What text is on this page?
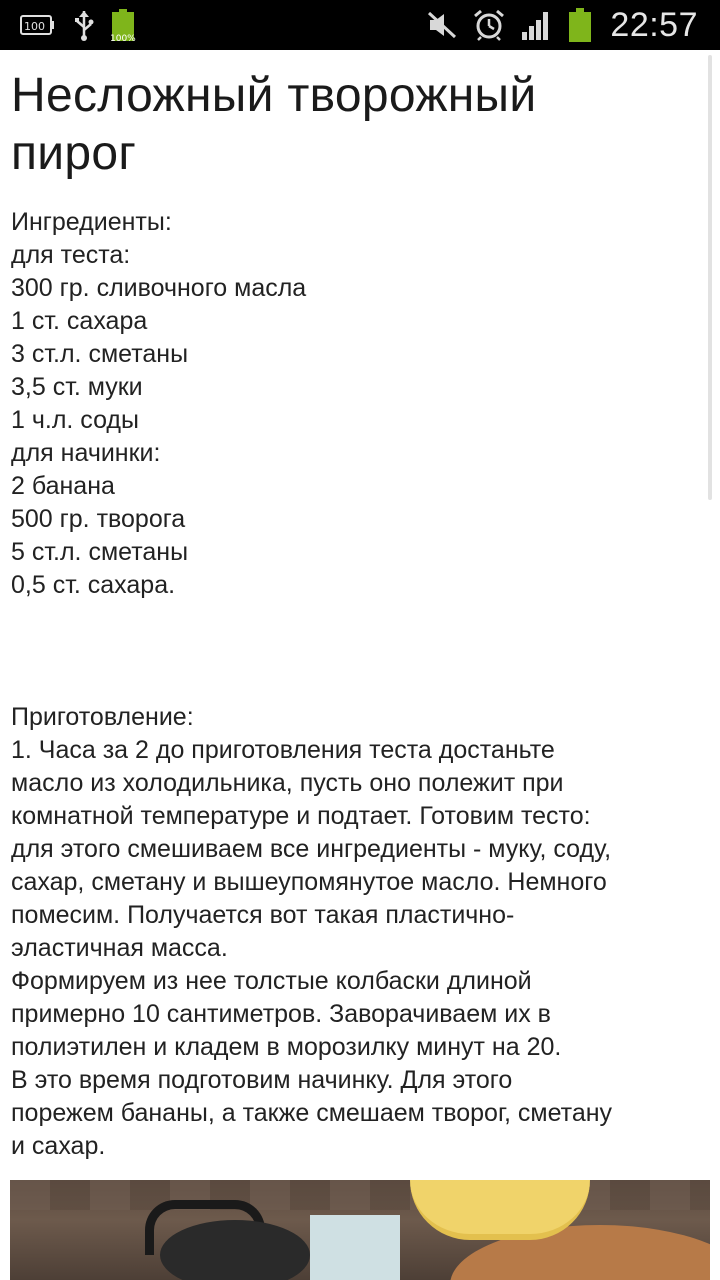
100
100%	22:57
Несложный творожный
пирог
Ингредиенты:
для теста:
300 гр. сливочного масла
1 ст. сахара
3 ст.л. сметаны
3,5 ст. муки
1 ч.л. соды
для начинки:
2 банана
500 гр. творога
5 ст.л. сметаны
0,5 ст. сахара.
Приготовление:
1. Часа за 2 до приготовления теста достаньте
масло из холодильника, пусть оно полежит при
комнатной температуре и подтает. Готовим тесто:
для этого смешиваем все ингредиенты - муку, соду,
сахар, сметану и вышеупомянутое масло. Немного
помесим. Получается вот такая пластично-
эластичная масса.
Формируем из нее толстые колбаски длиной
примерно 10 сантиметров. Заворачиваем их в
полиэтилен и кладем в морозилку минут на 20.
В это время подготовим начинку. Для этого
порежем бананы, а также смешаем творог, сметану
и сахар.
